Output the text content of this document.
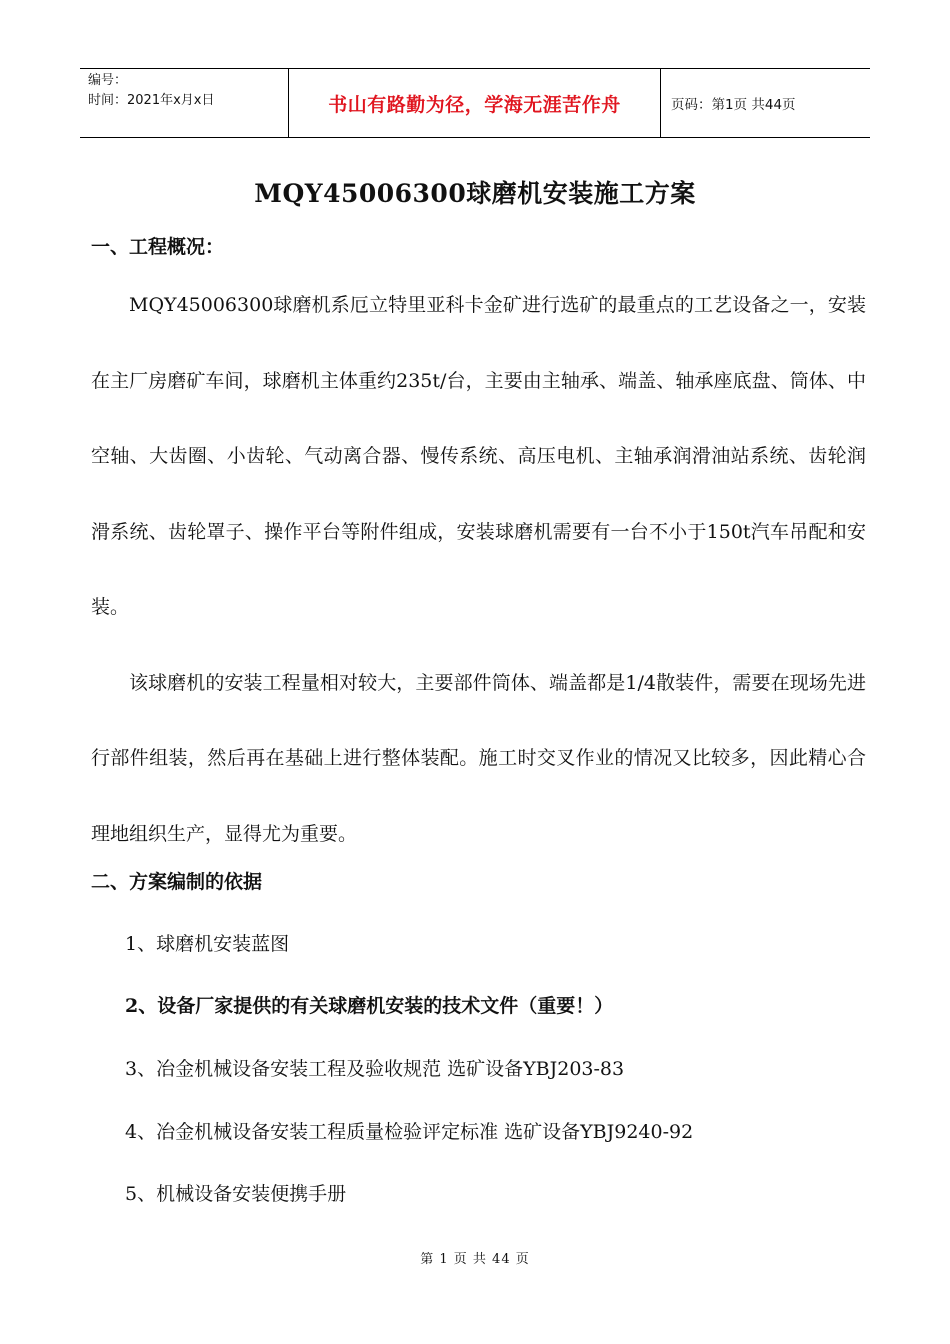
编号：
时间：2021年x月x日	书山有路勤为径，学海无涯苦作舟	页码：第1页 共44页
MQY45006300球磨机安装施工方案
一、工程概况：

MQY45006300球磨机系厄立特里亚科卡金矿进行选矿的最重点的工艺设备之一，安装在主厂房磨矿车间，球磨机主体重约235t/台，主要由主轴承、端盖、轴承座底盘、筒体、中空轴、大齿圈、小齿轮、气动离合器、慢传系统、高压电机、主轴承润滑油站系统、齿轮润滑系统、齿轮罩子、操作平台等附件组成，安装球磨机需要有一台不小于150t汽车吊配和安装。

该球磨机的安装工程量相对较大，主要部件筒体、端盖都是1/4散装件，需要在现场先进行部件组装，然后再在基础上进行整体装配。施工时交叉作业的情况又比较多，因此精心合理地组织生产，显得尤为重要。

二、方案编制的依据
1、球磨机安装蓝图
2、设备厂家提供的有关球磨机安装的技术文件（重要！）
3、冶金机械设备安装工程及验收规范 选矿设备YBJ203-83
4、冶金机械设备安装工程质量检验评定标准 选矿设备YBJ9240-92
5、机械设备安装便携手册
第 1 页 共 44 页
